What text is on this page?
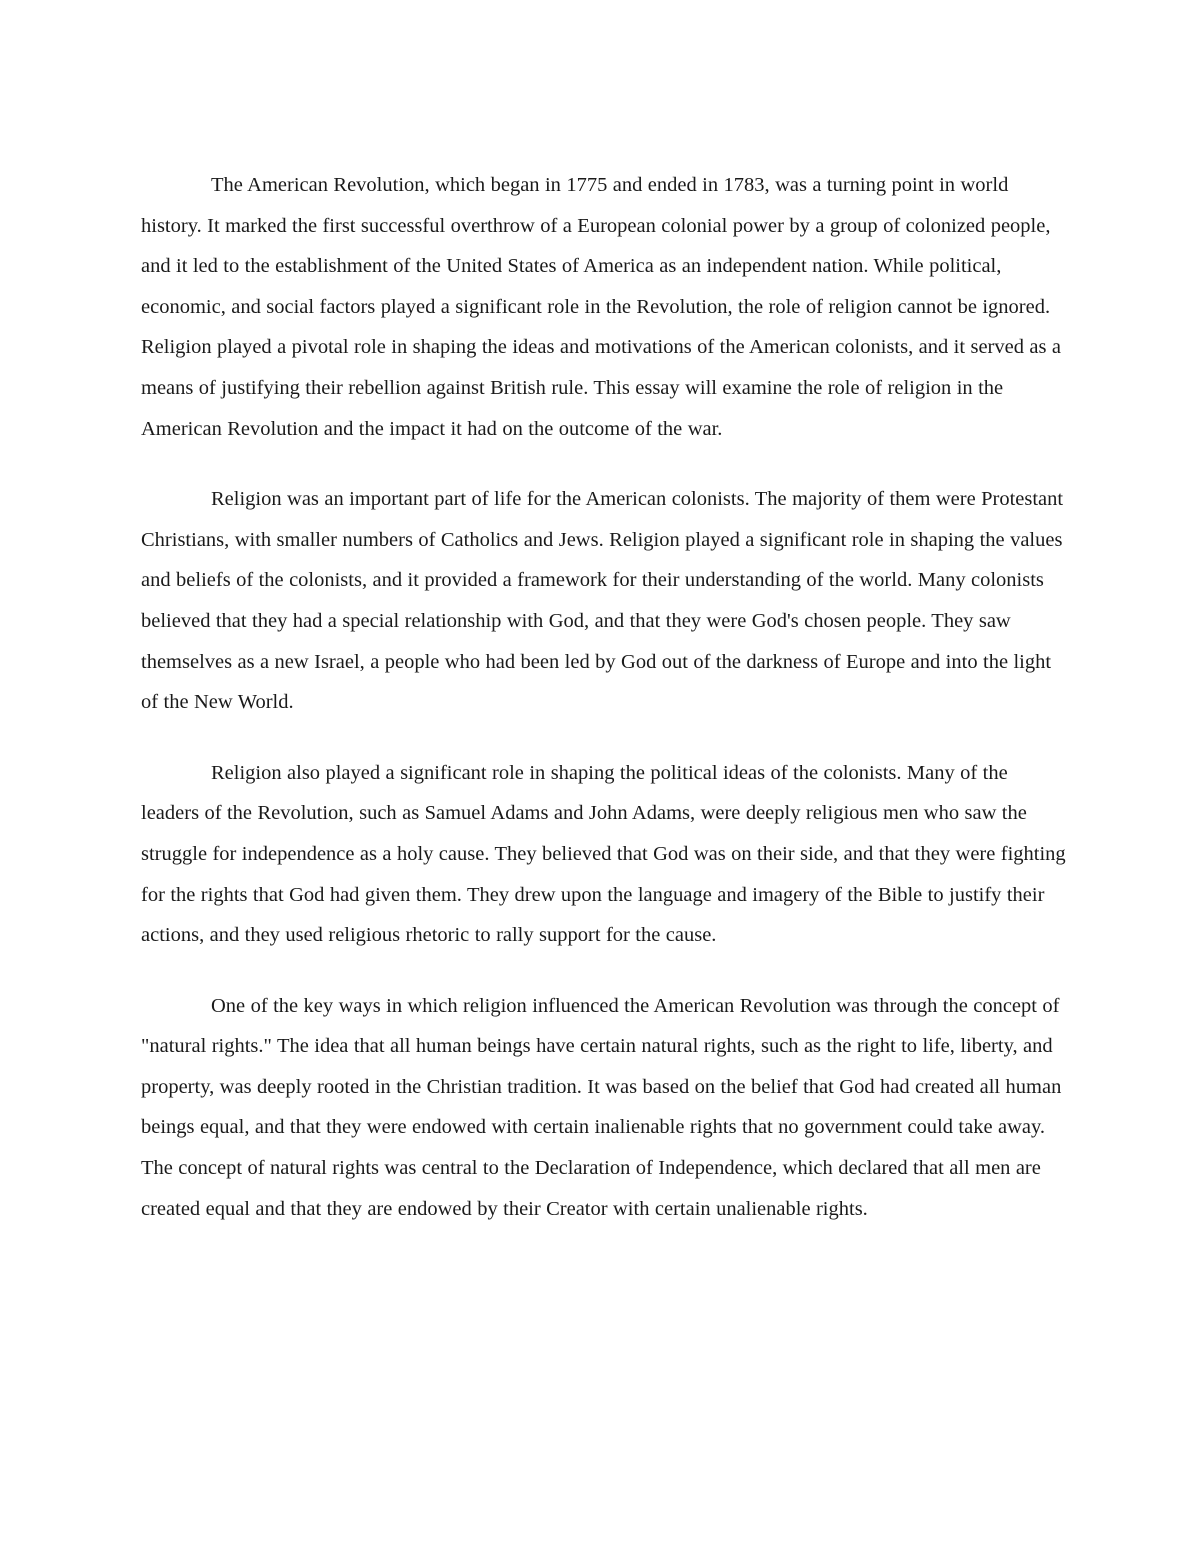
The American Revolution, which began in 1775 and ended in 1783, was a turning point in world history. It marked the first successful overthrow of a European colonial power by a group of colonized people, and it led to the establishment of the United States of America as an independent nation. While political, economic, and social factors played a significant role in the Revolution, the role of religion cannot be ignored. Religion played a pivotal role in shaping the ideas and motivations of the American colonists, and it served as a means of justifying their rebellion against British rule. This essay will examine the role of religion in the American Revolution and the impact it had on the outcome of the war.

Religion was an important part of life for the American colonists. The majority of them were Protestant Christians, with smaller numbers of Catholics and Jews. Religion played a significant role in shaping the values and beliefs of the colonists, and it provided a framework for their understanding of the world. Many colonists believed that they had a special relationship with God, and that they were God's chosen people. They saw themselves as a new Israel, a people who had been led by God out of the darkness of Europe and into the light of the New World.

Religion also played a significant role in shaping the political ideas of the colonists. Many of the leaders of the Revolution, such as Samuel Adams and John Adams, were deeply religious men who saw the struggle for independence as a holy cause. They believed that God was on their side, and that they were fighting for the rights that God had given them. They drew upon the language and imagery of the Bible to justify their actions, and they used religious rhetoric to rally support for the cause.

One of the key ways in which religion influenced the American Revolution was through the concept of "natural rights." The idea that all human beings have certain natural rights, such as the right to life, liberty, and property, was deeply rooted in the Christian tradition. It was based on the belief that God had created all human beings equal, and that they were endowed with certain inalienable rights that no government could take away. The concept of natural rights was central to the Declaration of Independence, which declared that all men are created equal and that they are endowed by their Creator with certain unalienable rights.
